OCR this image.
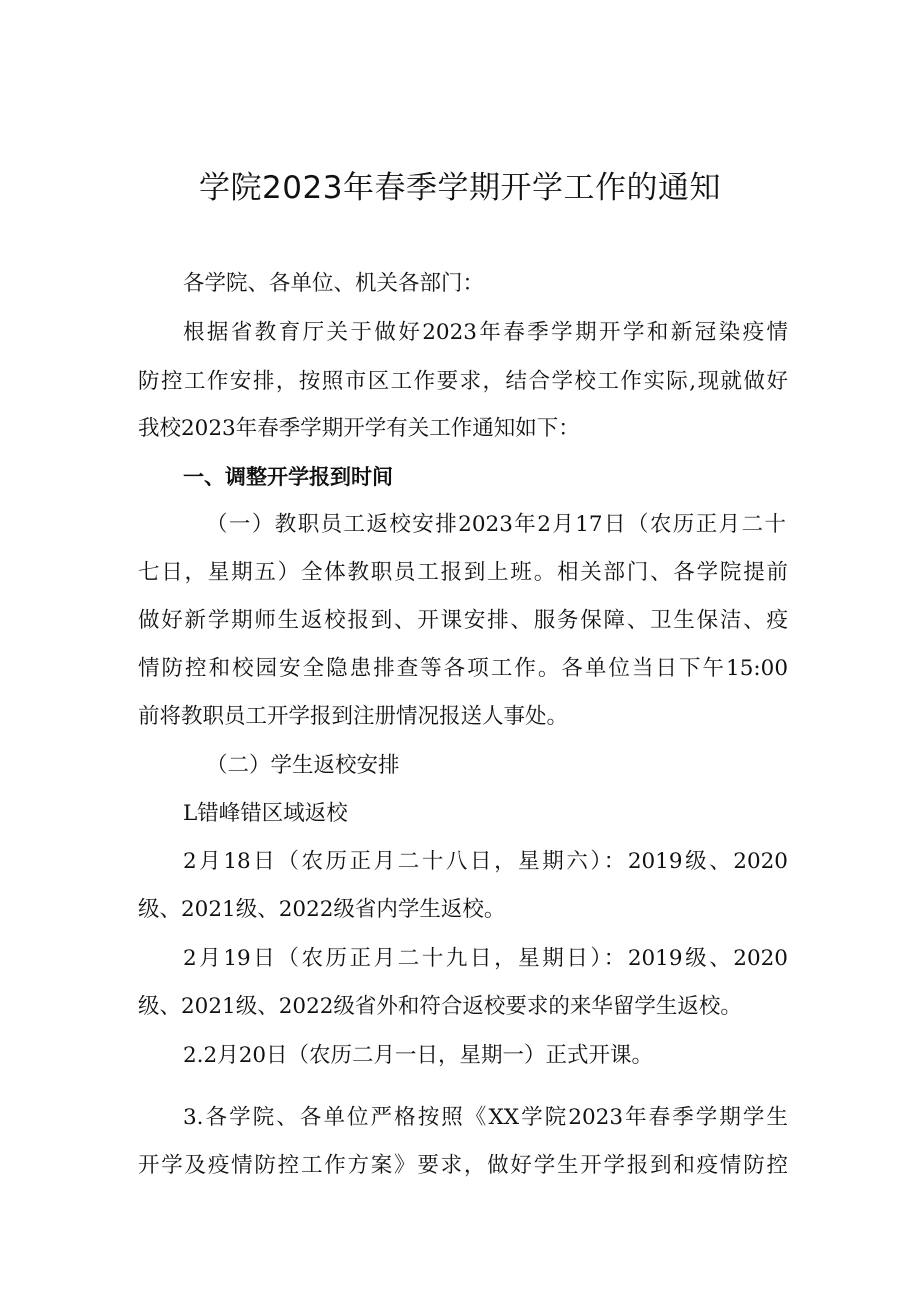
学院2023年春季学期开学工作的通知
各学院、各单位、机关各部门：
根据省教育厅关于做好2023年春季学期开学和新冠染疫情
防控工作安排，按照市区工作要求，结合学校工作实际,现就做好
我校2023年春季学期开学有关工作通知如下：
一、调整开学报到时间
（一）教职员工返校安排2023年2月17日（农历正月二十
七日，星期五）全体教职员工报到上班。相关部门、各学院提前
做好新学期师生返校报到、开课安排、服务保障、卫生保洁、疫
情防控和校园安全隐患排查等各项工作。各单位当日下午15:00
前将教职员工开学报到注册情况报送人事处。
（二）学生返校安排
L错峰错区域返校
2月18日（农历正月二十八日，星期六）：2019级、2020
级、2021级、2022级省内学生返校。
2月19日（农历正月二十九日，星期日）：2019级、2020
级、2021级、2022级省外和符合返校要求的来华留学生返校。
2.2月20日（农历二月一日，星期一）正式开课。
3.各学院、各单位严格按照《XX学院2023年春季学期学生
开学及疫情防控工作方案》要求，做好学生开学报到和疫情防控
